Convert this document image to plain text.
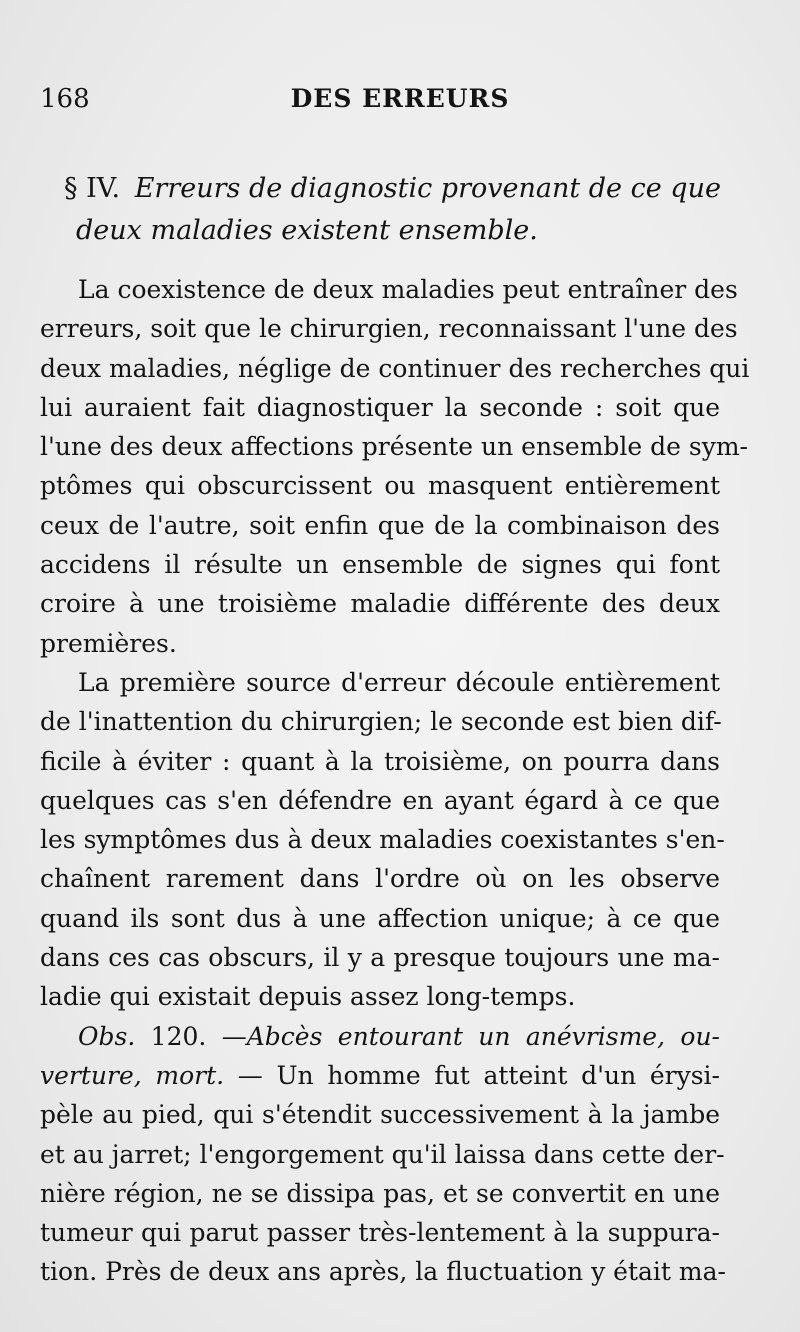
168	DES ERREURS
§ IV. Erreurs de diagnostic provenant de ce que
deux maladies existent ensemble.
La coexistence de deux maladies peut entraîner des
erreurs, soit que le chirurgien, reconnaissant l'une des
deux maladies, néglige de continuer des recherches qui
lui auraient fait diagnostiquer la seconde : soit que
l'une des deux affections présente un ensemble de sym-
ptômes qui obscurcissent ou masquent entièrement
ceux de l'autre, soit enfin que de la combinaison des
accidens il résulte un ensemble de signes qui font
croire à une troisième maladie différente des deux
premières.
La première source d'erreur découle entièrement
de l'inattention du chirurgien; le seconde est bien dif-
ficile à éviter : quant à la troisième, on pourra dans
quelques cas s'en défendre en ayant égard à ce que
les symptômes dus à deux maladies coexistantes s'en-
chaînent rarement dans l'ordre où on les observe
quand ils sont dus à une affection unique; à ce que
dans ces cas obscurs, il y a presque toujours une ma-
ladie qui existait depuis assez long-temps.
Obs. 120. —Abcès entourant un anévrisme, ou-
verture, mort. — Un homme fut atteint d'un érysi-
pèle au pied, qui s'étendit successivement à la jambe
et au jarret; l'engorgement qu'il laissa dans cette der-
nière région, ne se dissipa pas, et se convertit en une
tumeur qui parut passer très-lentement à la suppura-
tion. Près de deux ans après, la fluctuation y était ma-
